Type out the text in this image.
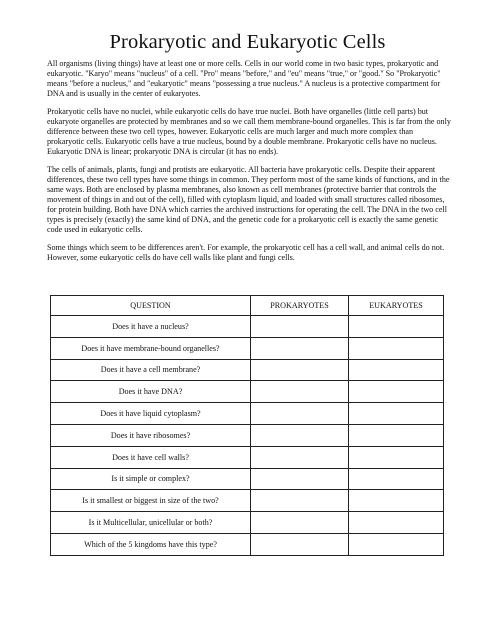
Prokaryotic and Eukaryotic Cells

All organisms (living things) have at least one or more cells. Cells in our world come in two basic types, prokaryotic and eukaryotic. "Karyo" means "nucleus" of a cell. "Pro" means "before," and "eu" means "true," or "good." So "Prokaryotic" means "before a nucleus," and "eukaryotic" means "possessing a true nucleus." A nucleus is a protective compartment for DNA and is usually in the center of eukaryotes.

Prokaryotic cells have no nuclei, while eukaryotic cells do have true nuclei. Both have organelles (little cell parts) but eukaryote organelles are protected by membranes and so we call them membrane-bound organelles. This is far from the only difference between these two cell types, however. Eukaryotic cells are much larger and much more complex than prokaryotic cells. Eukaryotic cells have a true nucleus, bound by a double membrane. Prokaryotic cells have no nucleus. Eukaryotic DNA is linear; prokaryotic DNA is circular (it has no ends).

The cells of animals, plants, fungi and protists are eukaryotic. All bacteria have prokaryotic cells. Despite their apparent differences, these two cell types have some things in common. They perform most of the same kinds of functions, and in the same ways. Both are enclosed by plasma membranes, also known as cell membranes (protective barrier that controls the movement of things in and out of the cell), filled with cytoplasm liquid, and loaded with small structures called ribosomes, for protein building. Both have DNA which carries the archived instructions for operating the cell. The DNA in the two cell types is precisely (exactly) the same kind of DNA, and the genetic code for a prokaryotic cell is exactly the same genetic code used in eukaryotic cells.

Some things which seem to be differences aren't. For example, the prokaryotic cell has a cell wall, and animal cells do not. However, some eukaryotic cells do have cell walls like plant and fungi cells.

QUESTION	PROKARYOTES	EUKARYOTES
Does it have a nucleus?		
Does it have membrane-bound organelles?		
Does it have a cell membrane?		
Does it have DNA?		
Does it have liquid cytoplasm?		
Does it have ribosomes?		
Does it have cell walls?		
Is it simple or complex?		
Is it smallest or biggest in size of the two?		
Is it Multicellular, unicellular or both?		
Which of the 5 kingdoms have this type?		
